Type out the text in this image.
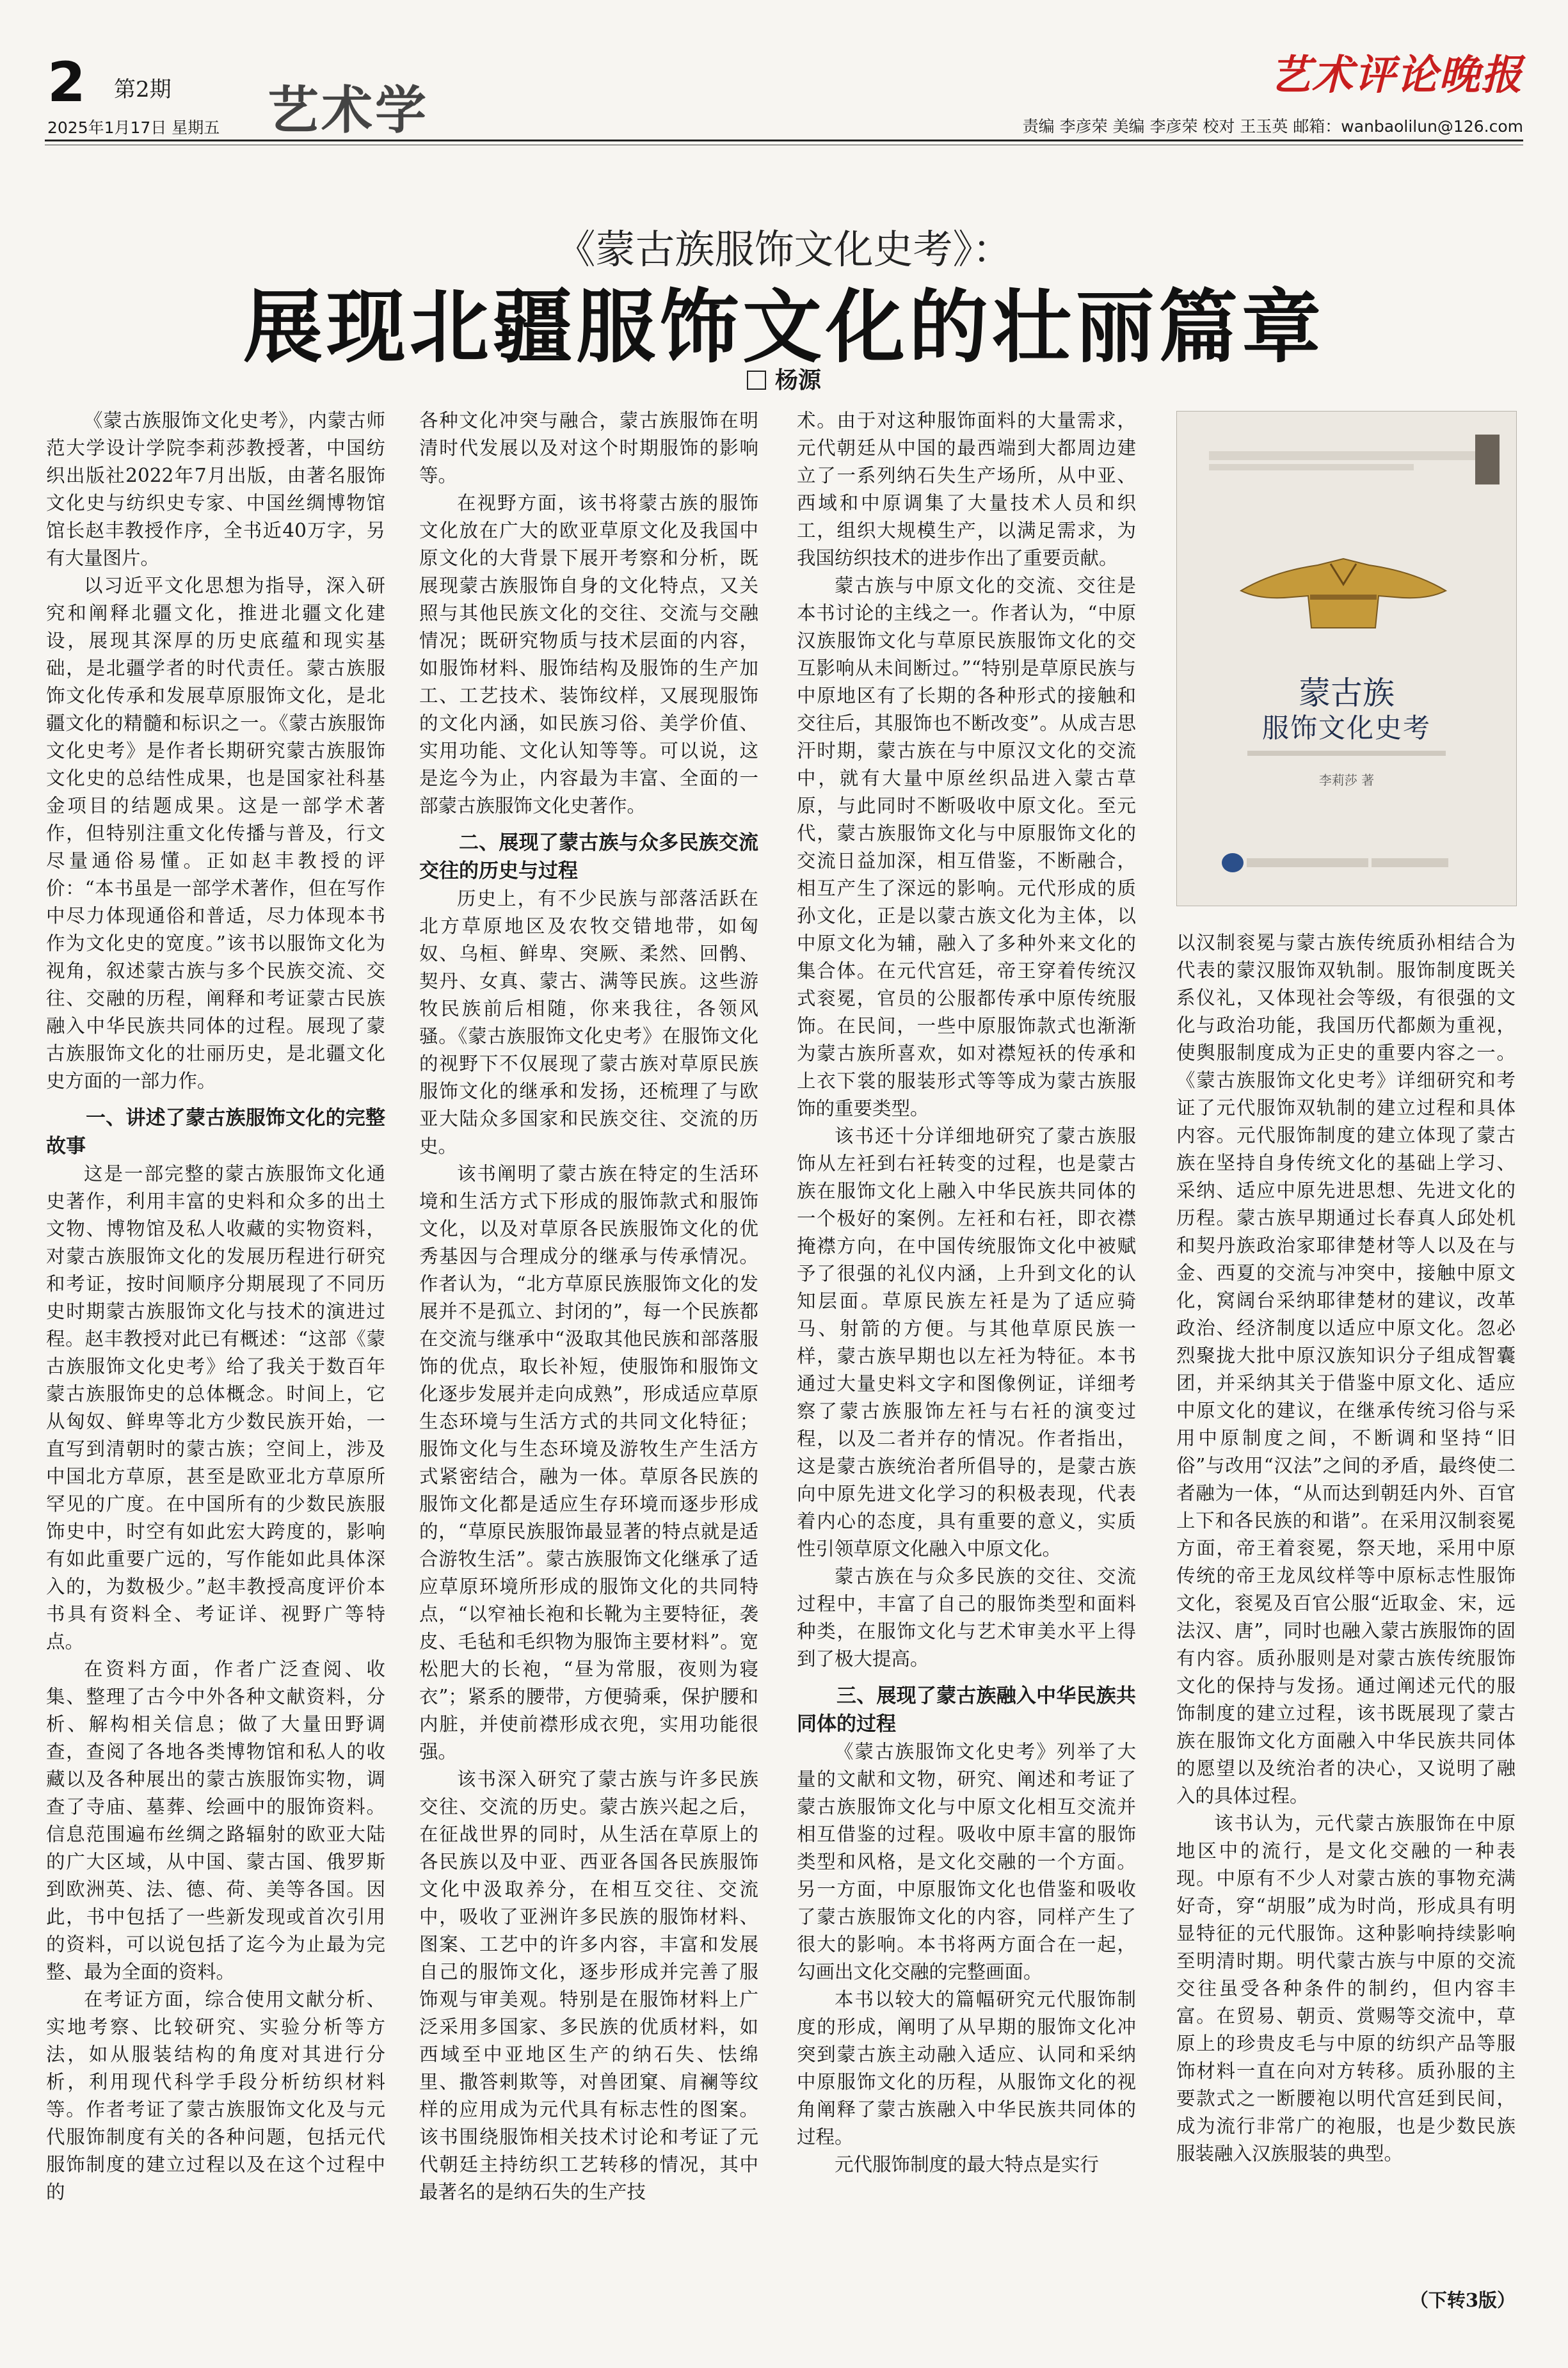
2 第2期
2025年1月17日 星期五 艺术学
艺术评论晚报
责编 李彦荣 美编 李彦荣 校对 王玉英 邮箱：wanbaolilun@126.com
《蒙古族服饰文化史考》：
展现北疆服饰文化的壮丽篇章
杨源

《蒙古族服饰文化史考》，内蒙古师范大学设计学院李莉莎教授著，中国纺织出版社2022年7月出版，由著名服饰文化史与纺织史专家、中国丝绸博物馆馆长赵丰教授作序，全书近40万字，另有大量图片。

以习近平文化思想为指导，深入研究和阐释北疆文化，推进北疆文化建设，展现其深厚的历史底蕴和现实基础，是北疆学者的时代责任。蒙古族服饰文化传承和发展草原服饰文化，是北疆文化的精髓和标识之一。《蒙古族服饰文化史考》是作者长期研究蒙古族服饰文化史的总结性成果，也是国家社科基金项目的结题成果。这是一部学术著作，但特别注重文化传播与普及，行文尽量通俗易懂。正如赵丰教授的评价：“本书虽是一部学术著作，但在写作中尽力体现通俗和普适，尽力体现本书作为文化史的宽度。”该书以服饰文化为视角，叙述蒙古族与多个民族交流、交往、交融的历程，阐释和考证蒙古民族融入中华民族共同体的过程。展现了蒙古族服饰文化的壮丽历史，是北疆文化史方面的一部力作。

一、讲述了蒙古族服饰文化的完整故事

这是一部完整的蒙古族服饰文化通史著作，利用丰富的史料和众多的出土文物、博物馆及私人收藏的实物资料，对蒙古族服饰文化的发展历程进行研究和考证，按时间顺序分期展现了不同历史时期蒙古族服饰文化与技术的演进过程。赵丰教授对此已有概述：“这部《蒙古族服饰文化史考》给了我关于数百年蒙古族服饰史的总体概念。时间上，它从匈奴、鲜卑等北方少数民族开始，一直写到清朝时的蒙古族；空间上，涉及中国北方草原，甚至是欧亚北方草原所罕见的广度。在中国所有的少数民族服饰史中，时空有如此宏大跨度的，影响有如此重要广远的，写作能如此具体深入的，为数极少。”赵丰教授高度评价本书具有资料全、考证详、视野广等特点。

在资料方面，作者广泛查阅、收集、整理了古今中外各种文献资料，分析、解构相关信息；做了大量田野调查，查阅了各地各类博物馆和私人的收藏以及各种展出的蒙古族服饰实物，调查了寺庙、墓葬、绘画中的服饰资料。信息范围遍布丝绸之路辐射的欧亚大陆的广大区域，从中国、蒙古国、俄罗斯到欧洲英、法、德、荷、美等各国。因此，书中包括了一些新发现或首次引用的资料，可以说包括了迄今为止最为完整、最为全面的资料。

在考证方面，综合使用文献分析、实地考察、比较研究、实验分析等方法，如从服装结构的角度对其进行分析，利用现代科学手段分析纺织材料等。作者考证了蒙古族服饰文化及与元代服饰制度有关的各种问题，包括元代服饰制度的建立过程以及在这个过程中的

各种文化冲突与融合，蒙古族服饰在明清时代发展以及对这个时期服饰的影响等。

在视野方面，该书将蒙古族的服饰文化放在广大的欧亚草原文化及我国中原文化的大背景下展开考察和分析，既展现蒙古族服饰自身的文化特点，又关照与其他民族文化的交往、交流与交融情况；既研究物质与技术层面的内容，如服饰材料、服饰结构及服饰的生产加工、工艺技术、装饰纹样，又展现服饰的文化内涵，如民族习俗、美学价值、实用功能、文化认知等等。可以说，这是迄今为止，内容最为丰富、全面的一部蒙古族服饰文化史著作。

二、展现了蒙古族与众多民族交流交往的历史与过程

历史上，有不少民族与部落活跃在北方草原地区及农牧交错地带，如匈奴、乌桓、鲜卑、突厥、柔然、回鹘、契丹、女真、蒙古、满等民族。这些游牧民族前后相随，你来我往，各领风骚。《蒙古族服饰文化史考》在服饰文化的视野下不仅展现了蒙古族对草原民族服饰文化的继承和发扬，还梳理了与欧亚大陆众多国家和民族交往、交流的历史。

该书阐明了蒙古族在特定的生活环境和生活方式下形成的服饰款式和服饰文化，以及对草原各民族服饰文化的优秀基因与合理成分的继承与传承情况。作者认为，“北方草原民族服饰文化的发展并不是孤立、封闭的”，每一个民族都在交流与继承中“汲取其他民族和部落服饰的优点，取长补短，使服饰和服饰文化逐步发展并走向成熟”，形成适应草原生态环境与生活方式的共同文化特征；服饰文化与生态环境及游牧生产生活方式紧密结合，融为一体。草原各民族的服饰文化都是适应生存环境而逐步形成的，“草原民族服饰最显著的特点就是适合游牧生活”。蒙古族服饰文化继承了适应草原环境所形成的服饰文化的共同特点，“以窄袖长袍和长靴为主要特征，袭皮、毛毡和毛织物为服饰主要材料”。宽松肥大的长袍，“昼为常服，夜则为寝衣”；紧系的腰带，方便骑乘，保护腰和内脏，并使前襟形成衣兜，实用功能很强。

该书深入研究了蒙古族与许多民族交往、交流的历史。蒙古族兴起之后，在征战世界的同时，从生活在草原上的各民族以及中亚、西亚各国各民族服饰文化中汲取养分，在相互交往、交流中，吸收了亚洲许多民族的服饰材料、图案、工艺中的许多内容，丰富和发展自己的服饰文化，逐步形成并完善了服饰观与审美观。特别是在服饰材料上广泛采用多国家、多民族的优质材料，如西域至中亚地区生产的纳石失、怯绵里、撒答剌欺等，对兽团窠、肩襕等纹样的应用成为元代具有标志性的图案。该书围绕服饰相关技术讨论和考证了元代朝廷主持纺织工艺转移的情况，其中最著名的是纳石失的生产技

术。由于对这种服饰面料的大量需求，元代朝廷从中国的最西端到大都周边建立了一系列纳石失生产场所，从中亚、西域和中原调集了大量技术人员和织工，组织大规模生产，以满足需求，为我国纺织技术的进步作出了重要贡献。

蒙古族与中原文化的交流、交往是本书讨论的主线之一。作者认为，“中原汉族服饰文化与草原民族服饰文化的交互影响从未间断过。”“特别是草原民族与中原地区有了长期的各种形式的接触和交往后，其服饰也不断改变”。从成吉思汗时期，蒙古族在与中原汉文化的交流中，就有大量中原丝织品进入蒙古草原，与此同时不断吸收中原文化。至元代，蒙古族服饰文化与中原服饰文化的交流日益加深，相互借鉴，不断融合，相互产生了深远的影响。元代形成的质孙文化，正是以蒙古族文化为主体，以中原文化为辅，融入了多种外来文化的集合体。在元代宫廷，帝王穿着传统汉式衮冕，官员的公服都传承中原传统服饰。在民间，一些中原服饰款式也渐渐为蒙古族所喜欢，如对襟短袄的传承和上衣下裳的服装形式等等成为蒙古族服饰的重要类型。

该书还十分详细地研究了蒙古族服饰从左衽到右衽转变的过程，也是蒙古族在服饰文化上融入中华民族共同体的一个极好的案例。左衽和右衽，即衣襟掩襟方向，在中国传统服饰文化中被赋予了很强的礼仪内涵，上升到文化的认知层面。草原民族左衽是为了适应骑马、射箭的方便。与其他草原民族一样，蒙古族早期也以左衽为特征。本书通过大量史料文字和图像例证，详细考察了蒙古族服饰左衽与右衽的演变过程，以及二者并存的情况。作者指出，这是蒙古族统治者所倡导的，是蒙古族向中原先进文化学习的积极表现，代表着内心的态度，具有重要的意义，实质性引领草原文化融入中原文化。

蒙古族在与众多民族的交往、交流过程中，丰富了自己的服饰类型和面料种类，在服饰文化与艺术审美水平上得到了极大提高。

三、展现了蒙古族融入中华民族共同体的过程

《蒙古族服饰文化史考》列举了大量的文献和文物，研究、阐述和考证了蒙古族服饰文化与中原文化相互交流并相互借鉴的过程。吸收中原丰富的服饰类型和风格，是文化交融的一个方面。另一方面，中原服饰文化也借鉴和吸收了蒙古族服饰文化的内容，同样产生了很大的影响。本书将两方面合在一起，勾画出文化交融的完整画面。

本书以较大的篇幅研究元代服饰制度的形成，阐明了从早期的服饰文化冲突到蒙古族主动融入适应、认同和采纳中原服饰文化的历程，从服饰文化的视角阐释了蒙古族融入中华民族共同体的过程。

元代服饰制度的最大特点是实行

以汉制衮冕与蒙古族传统质孙相结合为代表的蒙汉服饰双轨制。服饰制度既关系仪礼，又体现社会等级，有很强的文化与政治功能，我国历代都颇为重视，使舆服制度成为正史的重要内容之一。《蒙古族服饰文化史考》详细研究和考证了元代服饰双轨制的建立过程和具体内容。元代服饰制度的建立体现了蒙古族在坚持自身传统文化的基础上学习、采纳、适应中原先进思想、先进文化的历程。蒙古族早期通过长春真人邱处机和契丹族政治家耶律楚材等人以及在与金、西夏的交流与冲突中，接触中原文化，窝阔台采纳耶律楚材的建议，改革政治、经济制度以适应中原文化。忽必烈聚拢大批中原汉族知识分子组成智囊团，并采纳其关于借鉴中原文化、适应中原文化的建议，在继承传统习俗与采用中原制度之间，不断调和坚持“旧俗”与改用“汉法”之间的矛盾，最终使二者融为一体，“从而达到朝廷内外、百官上下和各民族的和谐”。在采用汉制衮冕方面，帝王着衮冕，祭天地，采用中原传统的帝王龙凤纹样等中原标志性服饰文化，衮冕及百官公服“近取金、宋，远法汉、唐”，同时也融入蒙古族服饰的固有内容。质孙服则是对蒙古族传统服饰文化的保持与发扬。通过阐述元代的服饰制度的建立过程，该书既展现了蒙古族在服饰文化方面融入中华民族共同体的愿望以及统治者的决心，又说明了融入的具体过程。

该书认为，元代蒙古族服饰在中原地区中的流行，是文化交融的一种表现。中原有不少人对蒙古族的事物充满好奇，穿“胡服”成为时尚，形成具有明显特征的元代服饰。这种影响持续影响至明清时期。明代蒙古族与中原的交流交往虽受各种条件的制约，但内容丰富。在贸易、朝贡、赏赐等交流中，草原上的珍贵皮毛与中原的纺织产品等服饰材料一直在向对方转移。质孙服的主要款式之一断腰袍以明代宫廷到民间，成为流行非常广的袍服，也是少数民族服装融入汉族服装的典型。

（下转3版）
蒙古族
服饰文化史考
李莉莎 著
